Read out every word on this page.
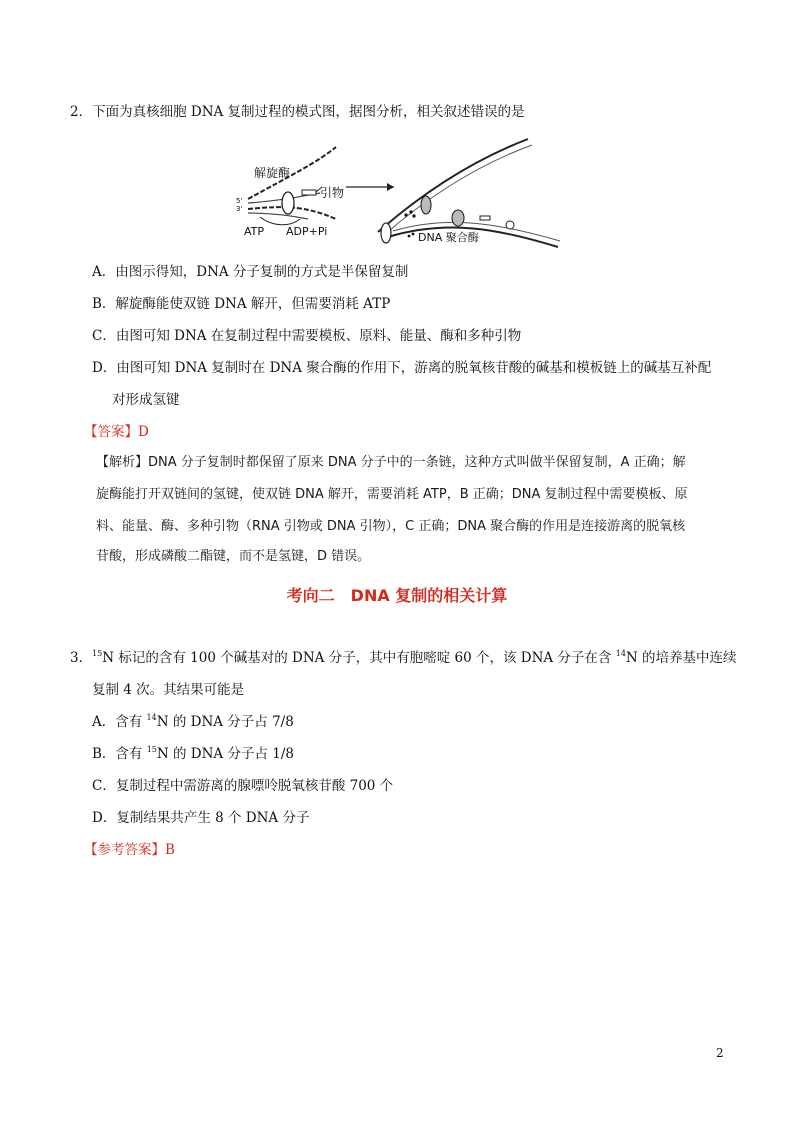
2．下面为真核细胞 DNA 复制过程的模式图，据图分析，相关叙述错误的是
解旋酶
引物
5'
3'
ATP ADP+Pi	DNA 聚合酶
A．由图示得知，DNA 分子复制的方式是半保留复制
B．解旋酶能使双链 DNA 解开，但需要消耗 ATP
C．由图可知 DNA 在复制过程中需要模板、原料、能量、酶和多种引物
D．由图可知 DNA 复制时在 DNA 聚合酶的作用下，游离的脱氧核苷酸的碱基和模板链上的碱基互补配
对形成氢键
【答案】D
【解析】DNA 分子复制时都保留了原来 DNA 分子中的一条链，这种方式叫做半保留复制，A 正确；解
旋酶能打开双链间的氢键，使双链 DNA 解开，需要消耗 ATP，B 正确；DNA 复制过程中需要模板、原
料、能量、酶、多种引物（RNA 引物或 DNA 引物），C 正确；DNA 聚合酶的作用是连接游离的脱氧核
苷酸，形成磷酸二酯键，而不是氢键，D 错误。
考向二　DNA 复制的相关计算
3．$^{15}$N 标记的含有 100 个碱基对的 DNA 分子，其中有胞嘧啶 60 个，该 DNA 分子在含 $^{14}$N 的培养基中连续
复制 4 次。其结果可能是
A．含有 $^{14}$N 的 DNA 分子占 7/8
B．含有 $^{15}$N 的 DNA 分子占 1/8
C．复制过程中需游离的腺嘌呤脱氧核苷酸 700 个
D．复制结果共产生 8 个 DNA 分子
【参考答案】B
2
